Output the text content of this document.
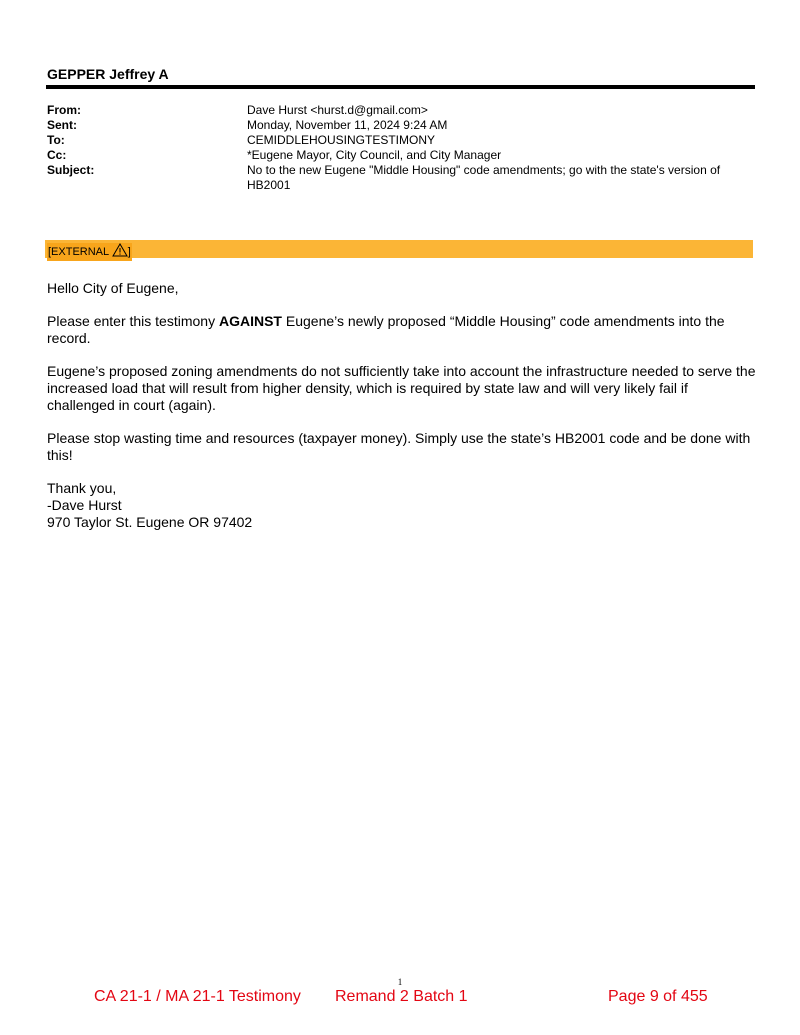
GEPPER Jeffrey A
From:	Dave Hurst <hurst.d@gmail.com>
Sent:	Monday, November 11, 2024 9:24 AM
To:	CEMIDDLEHOUSINGTESTIMONY
Cc:	*Eugene Mayor, City Council, and City Manager
Subject:	No to the new Eugene "Middle Housing" code amendments; go with the state's version of HB2001
[EXTERNAL ]

Hello City of Eugene,

Please enter this testimony AGAINST Eugene’s newly proposed “Middle Housing” code amendments into the record.

Eugene’s proposed zoning amendments do not sufficiently take into account the infrastructure needed to serve the increased load that will result from higher density, which is required by state law and will very likely fail if challenged in court (again).

Please stop wasting time and resources (taxpayer money). Simply use the state’s HB2001 code and be done with this!

Thank you,
-Dave Hurst
970 Taylor St. Eugene OR 97402

1
CA 21-1 / MA 21-1 Testimony Remand 2 Batch 1	Page 9 of 455
